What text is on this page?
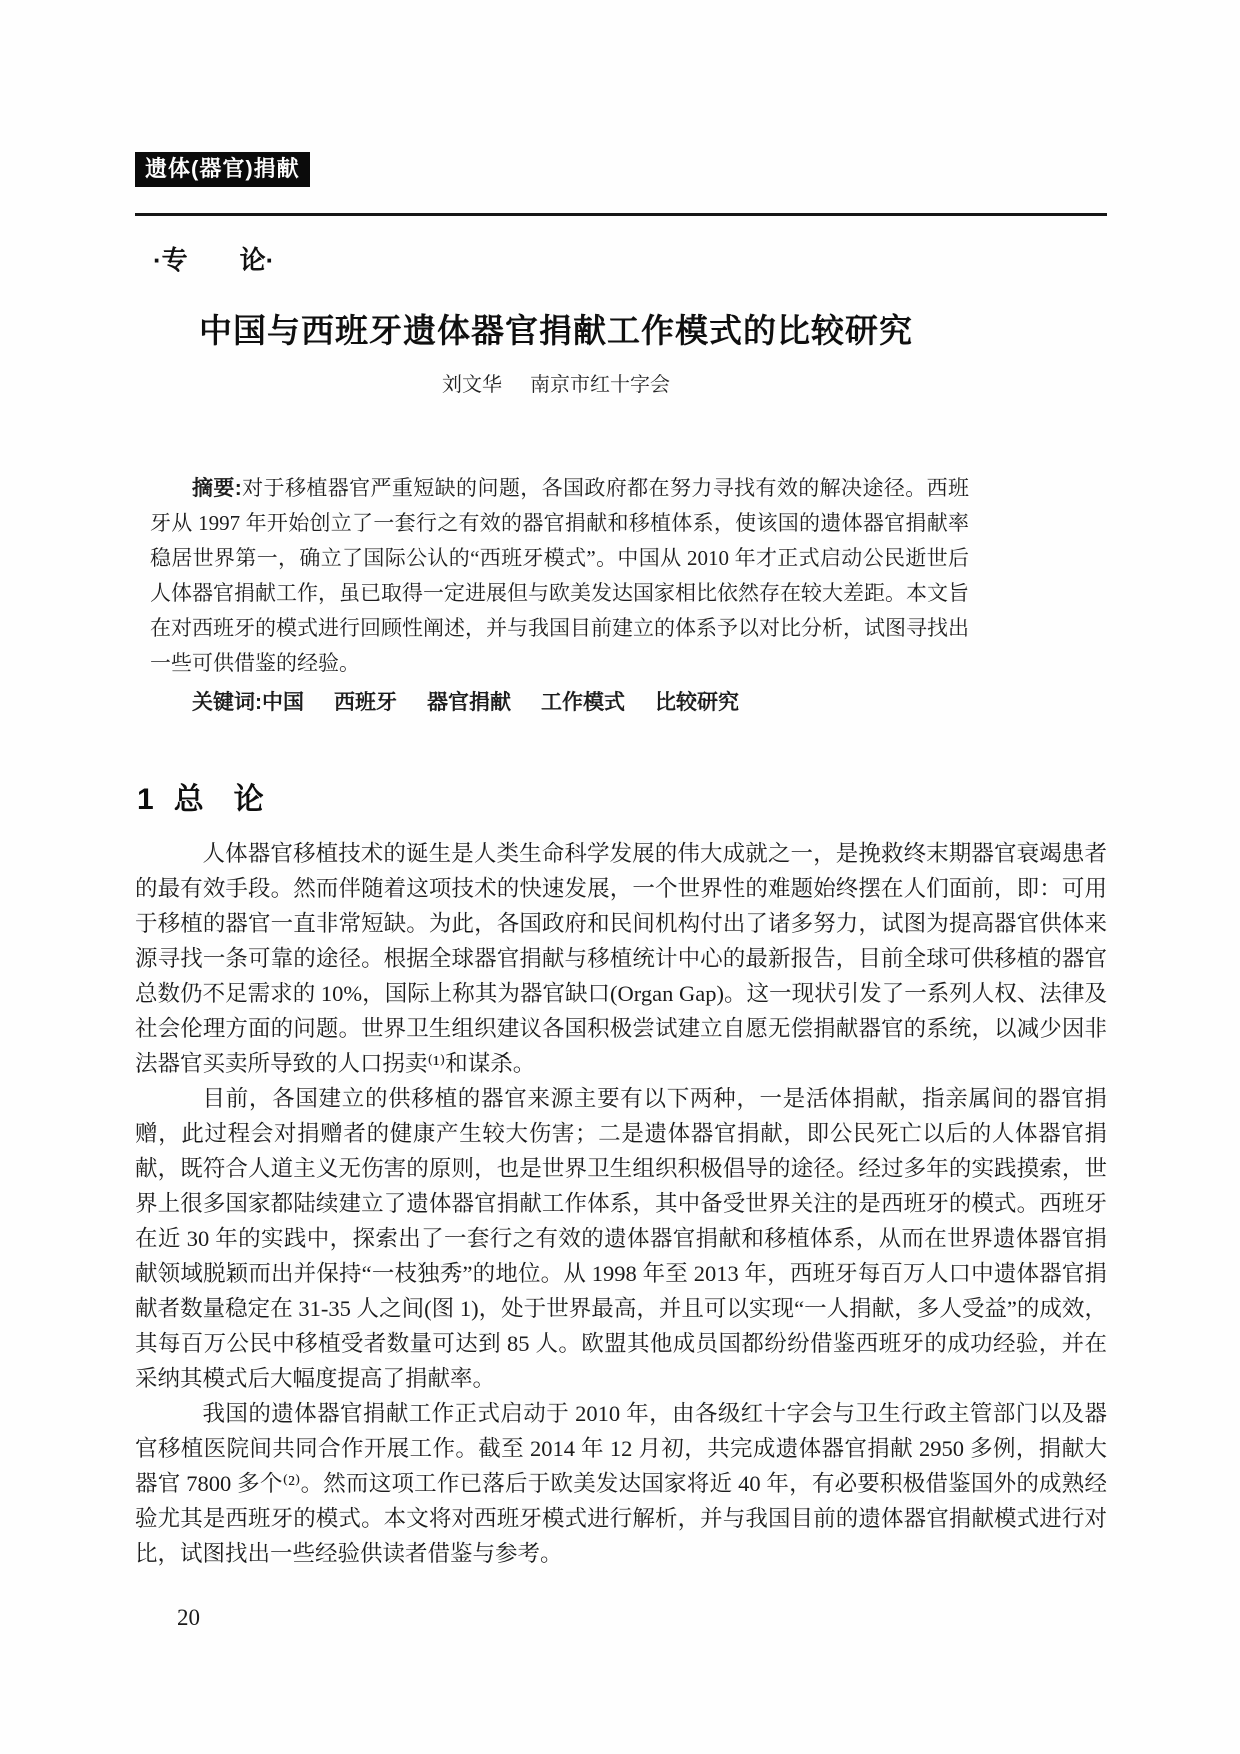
遗体(器官)捐献
·专　　论·
中国与西班牙遗体器官捐献工作模式的比较研究
刘文华 南京市红十字会

摘要:对于移植器官严重短缺的问题，各国政府都在努力寻找有效的解决途径。西班牙从 1997 年开始创立了一套行之有效的器官捐献和移植体系，使该国的遗体器官捐献率稳居世界第一，确立了国际公认的“西班牙模式”。中国从 2010 年才正式启动公民逝世后人体器官捐献工作，虽已取得一定进展但与欧美发达国家相比依然存在较大差距。本文旨在对西班牙的模式进行回顾性阐述，并与我国目前建立的体系予以对比分析，试图寻找出一些可供借鉴的经验。

关键词:中国 西班牙 器官捐献 工作模式 比较研究

1 总　论

人体器官移植技术的诞生是人类生命科学发展的伟大成就之一，是挽救终末期器官衰竭患者的最有效手段。然而伴随着这项技术的快速发展，一个世界性的难题始终摆在人们面前，即：可用于移植的器官一直非常短缺。为此，各国政府和民间机构付出了诸多努力，试图为提高器官供体来源寻找一条可靠的途径。根据全球器官捐献与移植统计中心的最新报告，目前全球可供移植的器官总数仍不足需求的 10%，国际上称其为器官缺口(Organ Gap)。这一现状引发了一系列人权、法律及社会伦理方面的问题。世界卫生组织建议各国积极尝试建立自愿无偿捐献器官的系统，以减少因非法器官买卖所导致的人口拐卖⁽¹⁾和谋杀。

目前，各国建立的供移植的器官来源主要有以下两种，一是活体捐献，指亲属间的器官捐赠，此过程会对捐赠者的健康产生较大伤害；二是遗体器官捐献，即公民死亡以后的人体器官捐献，既符合人道主义无伤害的原则，也是世界卫生组织积极倡导的途径。经过多年的实践摸索，世界上很多国家都陆续建立了遗体器官捐献工作体系，其中备受世界关注的是西班牙的模式。西班牙在近 30 年的实践中，探索出了一套行之有效的遗体器官捐献和移植体系，从而在世界遗体器官捐献领域脱颖而出并保持“一枝独秀”的地位。从 1998 年至 2013 年，西班牙每百万人口中遗体器官捐献者数量稳定在 31-35 人之间(图 1)，处于世界最高，并且可以实现“一人捐献，多人受益”的成效，其每百万公民中移植受者数量可达到 85 人。欧盟其他成员国都纷纷借鉴西班牙的成功经验，并在采纳其模式后大幅度提高了捐献率。

我国的遗体器官捐献工作正式启动于 2010 年，由各级红十字会与卫生行政主管部门以及器官移植医院间共同合作开展工作。截至 2014 年 12 月初，共完成遗体器官捐献 2950 多例，捐献大器官 7800 多个⁽²⁾。然而这项工作已落后于欧美发达国家将近 40 年，有必要积极借鉴国外的成熟经验尤其是西班牙的模式。本文将对西班牙模式进行解析，并与我国目前的遗体器官捐献模式进行对比，试图找出一些经验供读者借鉴与参考。

20
